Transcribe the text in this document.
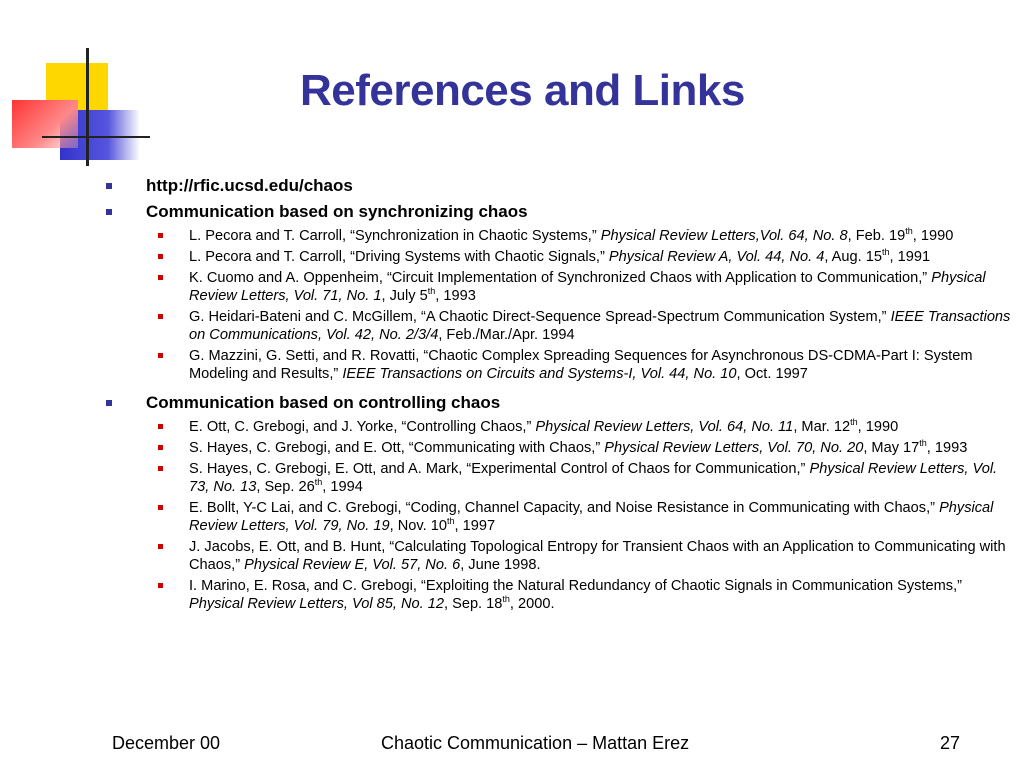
References and Links
http://rfic.ucsd.edu/chaos
Communication based on synchronizing chaos
L. Pecora and T. Carroll, “Synchronization in Chaotic Systems,” Physical Review Letters,Vol. 64, No. 8, Feb. 19th, 1990
L. Pecora and T. Carroll, “Driving Systems with Chaotic Signals,” Physical Review A, Vol. 44, No. 4, Aug. 15th, 1991
K. Cuomo and A. Oppenheim, “Circuit Implementation of Synchronized Chaos with Application to Communication,” Physical Review Letters, Vol. 71, No. 1, July 5th, 1993
G. Heidari-Bateni and C. McGillem, “A Chaotic Direct-Sequence Spread-Spectrum Communication System,” IEEE Transactions on Communications, Vol. 42, No. 2/3/4, Feb./Mar./Apr. 1994
G. Mazzini, G. Setti, and R. Rovatti, “Chaotic Complex Spreading Sequences for Asynchronous DS-CDMA-Part I: System Modeling and Results,” IEEE Transactions on Circuits and Systems-I, Vol. 44, No. 10, Oct. 1997
Communication based on controlling chaos
E. Ott, C. Grebogi, and J. Yorke, “Controlling Chaos,” Physical Review Letters, Vol. 64, No. 11, Mar. 12th, 1990
S. Hayes, C. Grebogi, and E. Ott, “Communicating with Chaos,” Physical Review Letters, Vol. 70, No. 20, May 17th, 1993
S. Hayes, C. Grebogi, E. Ott, and A. Mark, “Experimental Control of Chaos for Communication,” Physical Review Letters, Vol. 73, No. 13, Sep. 26th, 1994
E. Bollt, Y-C Lai, and C. Grebogi, “Coding, Channel Capacity, and Noise Resistance in Communicating with Chaos,” Physical Review Letters, Vol. 79, No. 19, Nov. 10th, 1997
J. Jacobs, E. Ott, and B. Hunt, “Calculating Topological Entropy for Transient Chaos with an Application to Communicating with Chaos,” Physical Review E, Vol. 57, No. 6, June 1998.
I. Marino, E. Rosa, and C. Grebogi, “Exploiting the Natural Redundancy of Chaotic Signals in Communication Systems,” Physical Review Letters, Vol 85, No. 12, Sep. 18th, 2000.
December 00	Chaotic Communication – Mattan Erez	27
